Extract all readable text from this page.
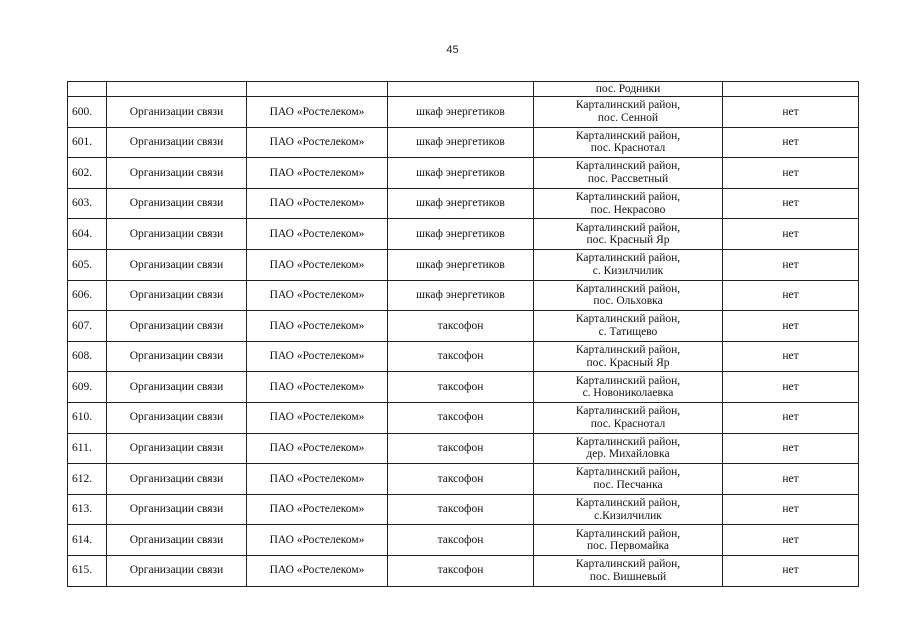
45
				пос. Родники	
600.	Организации связи	ПАО «Ростелеком»	шкаф энергетиков	Карталинский район,
пос. Сенной	нет
601.	Организации связи	ПАО «Ростелеком»	шкаф энергетиков	Карталинский район,
пос. Краснотал	нет
602.	Организации связи	ПАО «Ростелеком»	шкаф энергетиков	Карталинский район,
пос. Рассветный	нет
603.	Организации связи	ПАО «Ростелеком»	шкаф энергетиков	Карталинский район,
пос. Некрасово	нет
604.	Организации связи	ПАО «Ростелеком»	шкаф энергетиков	Карталинский район,
пос. Красный Яр	нет
605.	Организации связи	ПАО «Ростелеком»	шкаф энергетиков	Карталинский район,
с. Кизилчилик	нет
606.	Организации связи	ПАО «Ростелеком»	шкаф энергетиков	Карталинский район,
пос. Ольховка	нет
607.	Организации связи	ПАО «Ростелеком»	таксофон	Карталинский район,
с. Татищево	нет
608.	Организации связи	ПАО «Ростелеком»	таксофон	Карталинский район,
пос. Красный Яр	нет
609.	Организации связи	ПАО «Ростелеком»	таксофон	Карталинский район,
с. Новониколаевка	нет
610.	Организации связи	ПАО «Ростелеком»	таксофон	Карталинский район,
пос. Краснотал	нет
611.	Организации связи	ПАО «Ростелеком»	таксофон	Карталинский район,
дер. Михайловка	нет
612.	Организации связи	ПАО «Ростелеком»	таксофон	Карталинский район,
пос. Песчанка	нет
613.	Организации связи	ПАО «Ростелеком»	таксофон	Карталинский район,
с.Кизилчилик	нет
614.	Организации связи	ПАО «Ростелеком»	таксофон	Карталинский район,
пос. Первомайка	нет
615.	Организации связи	ПАО «Ростелеком»	таксофон	Карталинский район,
пос. Вишневый	нет
